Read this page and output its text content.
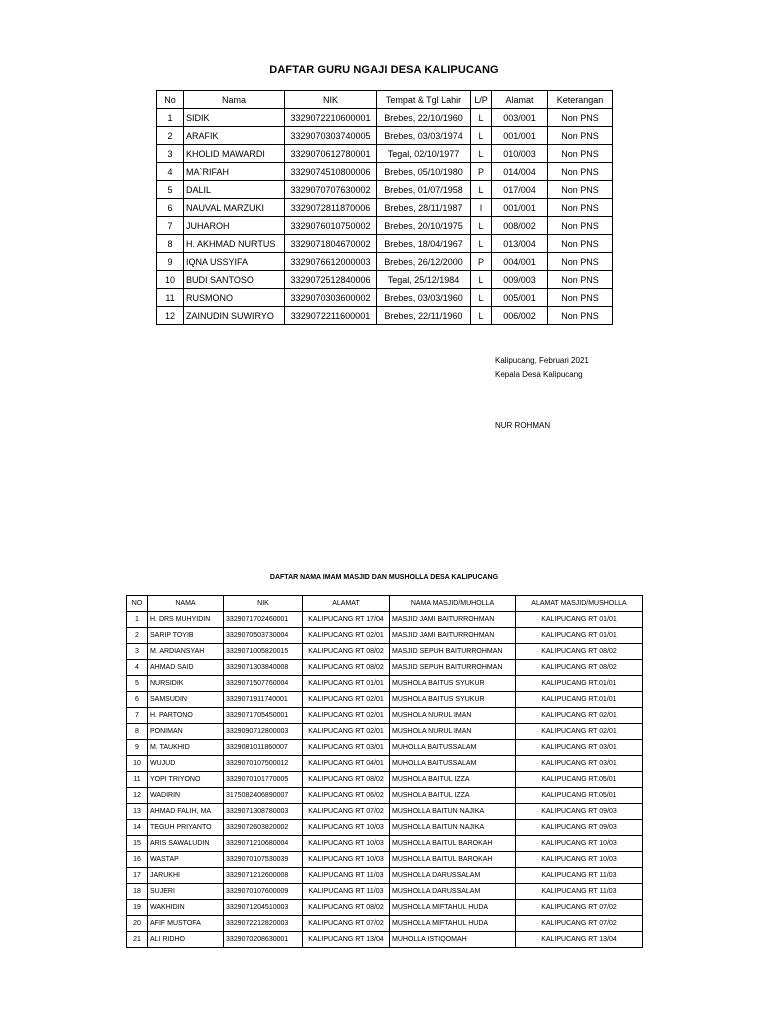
DAFTAR GURU NGAJI DESA KALIPUCANG
No	Nama	NIK	Tempat & Tgl Lahir	L/P	Alamat	Keterangan
1	SIDIK	3329072210600001	Brebes, 22/10/1960	L	003/001	Non PNS
2	ARAFIK	3329070303740005	Brebes, 03/03/1974	L	001/001	Non PNS
3	KHOLID MAWARDI	3329070612780001	Tegal, 02/10/1977	L	010/003	Non PNS
4	MA`RIFAH	3329074510800006	Brebes, 05/10/1980	P	014/004	Non PNS
5	DALIL	3329070707630002	Brebes, 01/07/1958	L	017/004	Non PNS
6	NAUVAL MARZUKI	3329072811870006	Brebes, 28/11/1987	l	001/001	Non PNS
7	JUHAROH	3329076010750002	Brebes, 20/10/1975	L	008/002	Non PNS
8	H. AKHMAD NURTUS	3329071804670002	Brebes, 18/04/1967	L	013/004	Non PNS
9	IQNA USSYIFA	3329076612000003	Brebes, 26/12/2000	P	004/001	Non PNS
10	BUDI SANTOSO	3329072512840006	Tegal, 25/12/1984	L	009/003	Non PNS
11	RUSMONO	3329070303600002	Brebes, 03/03/1960	L	005/001	Non PNS
12	ZAINUDIN SUWIRYO	3329072211600001	Brebes, 22/11/1960	L	006/002	Non PNS
Kalipucang, Februari 2021
Kepala Desa Kalipucang
NUR ROHMAN
DAFTAR NAMA IMAM MASJID DAN MUSHOLLA DESA KALIPUCANG
NO	NAMA	NIK	ALAMAT	NAMA MASJID/MUHOLLA	ALAMAT MASJID/MUSHOLLA
1	H. DRS MUHYIDIN	3329071702460001	KALIPUCANG RT 17/04	MASJID JAMI BAITURROHMAN	KALIPUCANG RT 01/01
2	SARIP TOYIB	3329070503730004	KALIPUCANG RT 02/01	MASJID JAMI BAITURROHMAN	KALIPUCANG RT 01/01
3	M. ARDIANSYAH	3329071005820015	KALIPUCANG RT 08/02	MASJID SEPUH BAITURROHMAN	KALIPUCANG RT 08/02
4	AHMAD SAID	3329071303840008	KALIPUCANG RT 08/02	MASJID SEPUH BAITURROHMAN	KALIPUCANG RT 08/02
5	NURSIDIK	3329071507760004	KALIPUCANG RT 01/01	MUSHOLA BAITUS SYUKUR	KALIPUCANG RT.01/01
6	SAMSUDIN	3329071911740001	KALIPUCANG RT 02/01	MUSHOLA BAITUS SYUKUR	KALIPUCANG RT.01/01
7	H. PARTONO	3329071705450001	KALIPUCANG RT 02/01	MUSHOLA NURUL IMAN	KALIPUCANG RT 02/01
8	PONIMAN	3329090712800003	KALIPUCANG RT 02/01	MUSHOLA NURUL IMAN	KALIPUCANG RT 02/01
9	M. TAUKHID	3329081011860007	KALIPUCANG RT 03/01	MUHOLLA BAITUSSALAM	KALIPUCANG RT 03/01
10	WUJUD	3329070107500012	KALIPUCANG RT 04/01	MUHOLLA BAITUSSALAM	KALIPUCANG RT 03/01
11	YOPI TRIYONO	3329070101770005	KALIPUCANG RT 08/02	MUSHOLA BAITUL IZZA	KALIPUCANG RT.05/01
12	WADIRIN	3175082406890007	KALIPUCANG RT 06/02	MUSHOLA BAITUL IZZA	KALIPUCANG RT.05/01
13	AHMAD FALIH, MA	3329071308780003	KALIPUCANG RT 07/02	MUSHOLLA BAITUN NAJIKA	KALIPUCANG RT 09/03
14	TEGUH PRIYANTO	3329072603820002	KALIPUCANG RT 10/03	MUSHOLLA BAITUN NAJIKA	KALIPUCANG RT 09/03
15	ARIS SAWALUDIN	3329071210680004	KALIPUCANG RT 10/03	MUSHOLLA BAITUL BAROKAH	KALIPUCANG RT 10/03
16	WASTAP	3329070107530039	KALIPUCANG RT 10/03	MUSHOLLA BAITUL BAROKAH	KALIPUCANG RT 10/03
17	JARUKHI	3329071212600008	KALIPUCANG RT 11/03	MUSHOLLA DARUSSALAM	KALIPUCANG RT 11/03
18	SUJERI	3329070107600009	KALIPUCANG RT 11/03	MUSHOLLA DARUSSALAM	KALIPUCANG RT 11/03
19	WAKHIDIN	3329071204510003	KALIPUCANG RT 08/02	MUSHOLLA MIFTAHUL HUDA	KALIPUCANG RT 07/02
20	AFIF MUSTOFA	3329072212820003	KALIPUCANG RT 07/02	MUSHOLLA MIFTAHUL HUDA	KALIPUCANG RT 07/02
21	ALI RIDHO	3329070208630001	KALIPUCANG RT 13/04	MUHOLLA ISTIQOMAH	KALIPUCANG RT 13/04
